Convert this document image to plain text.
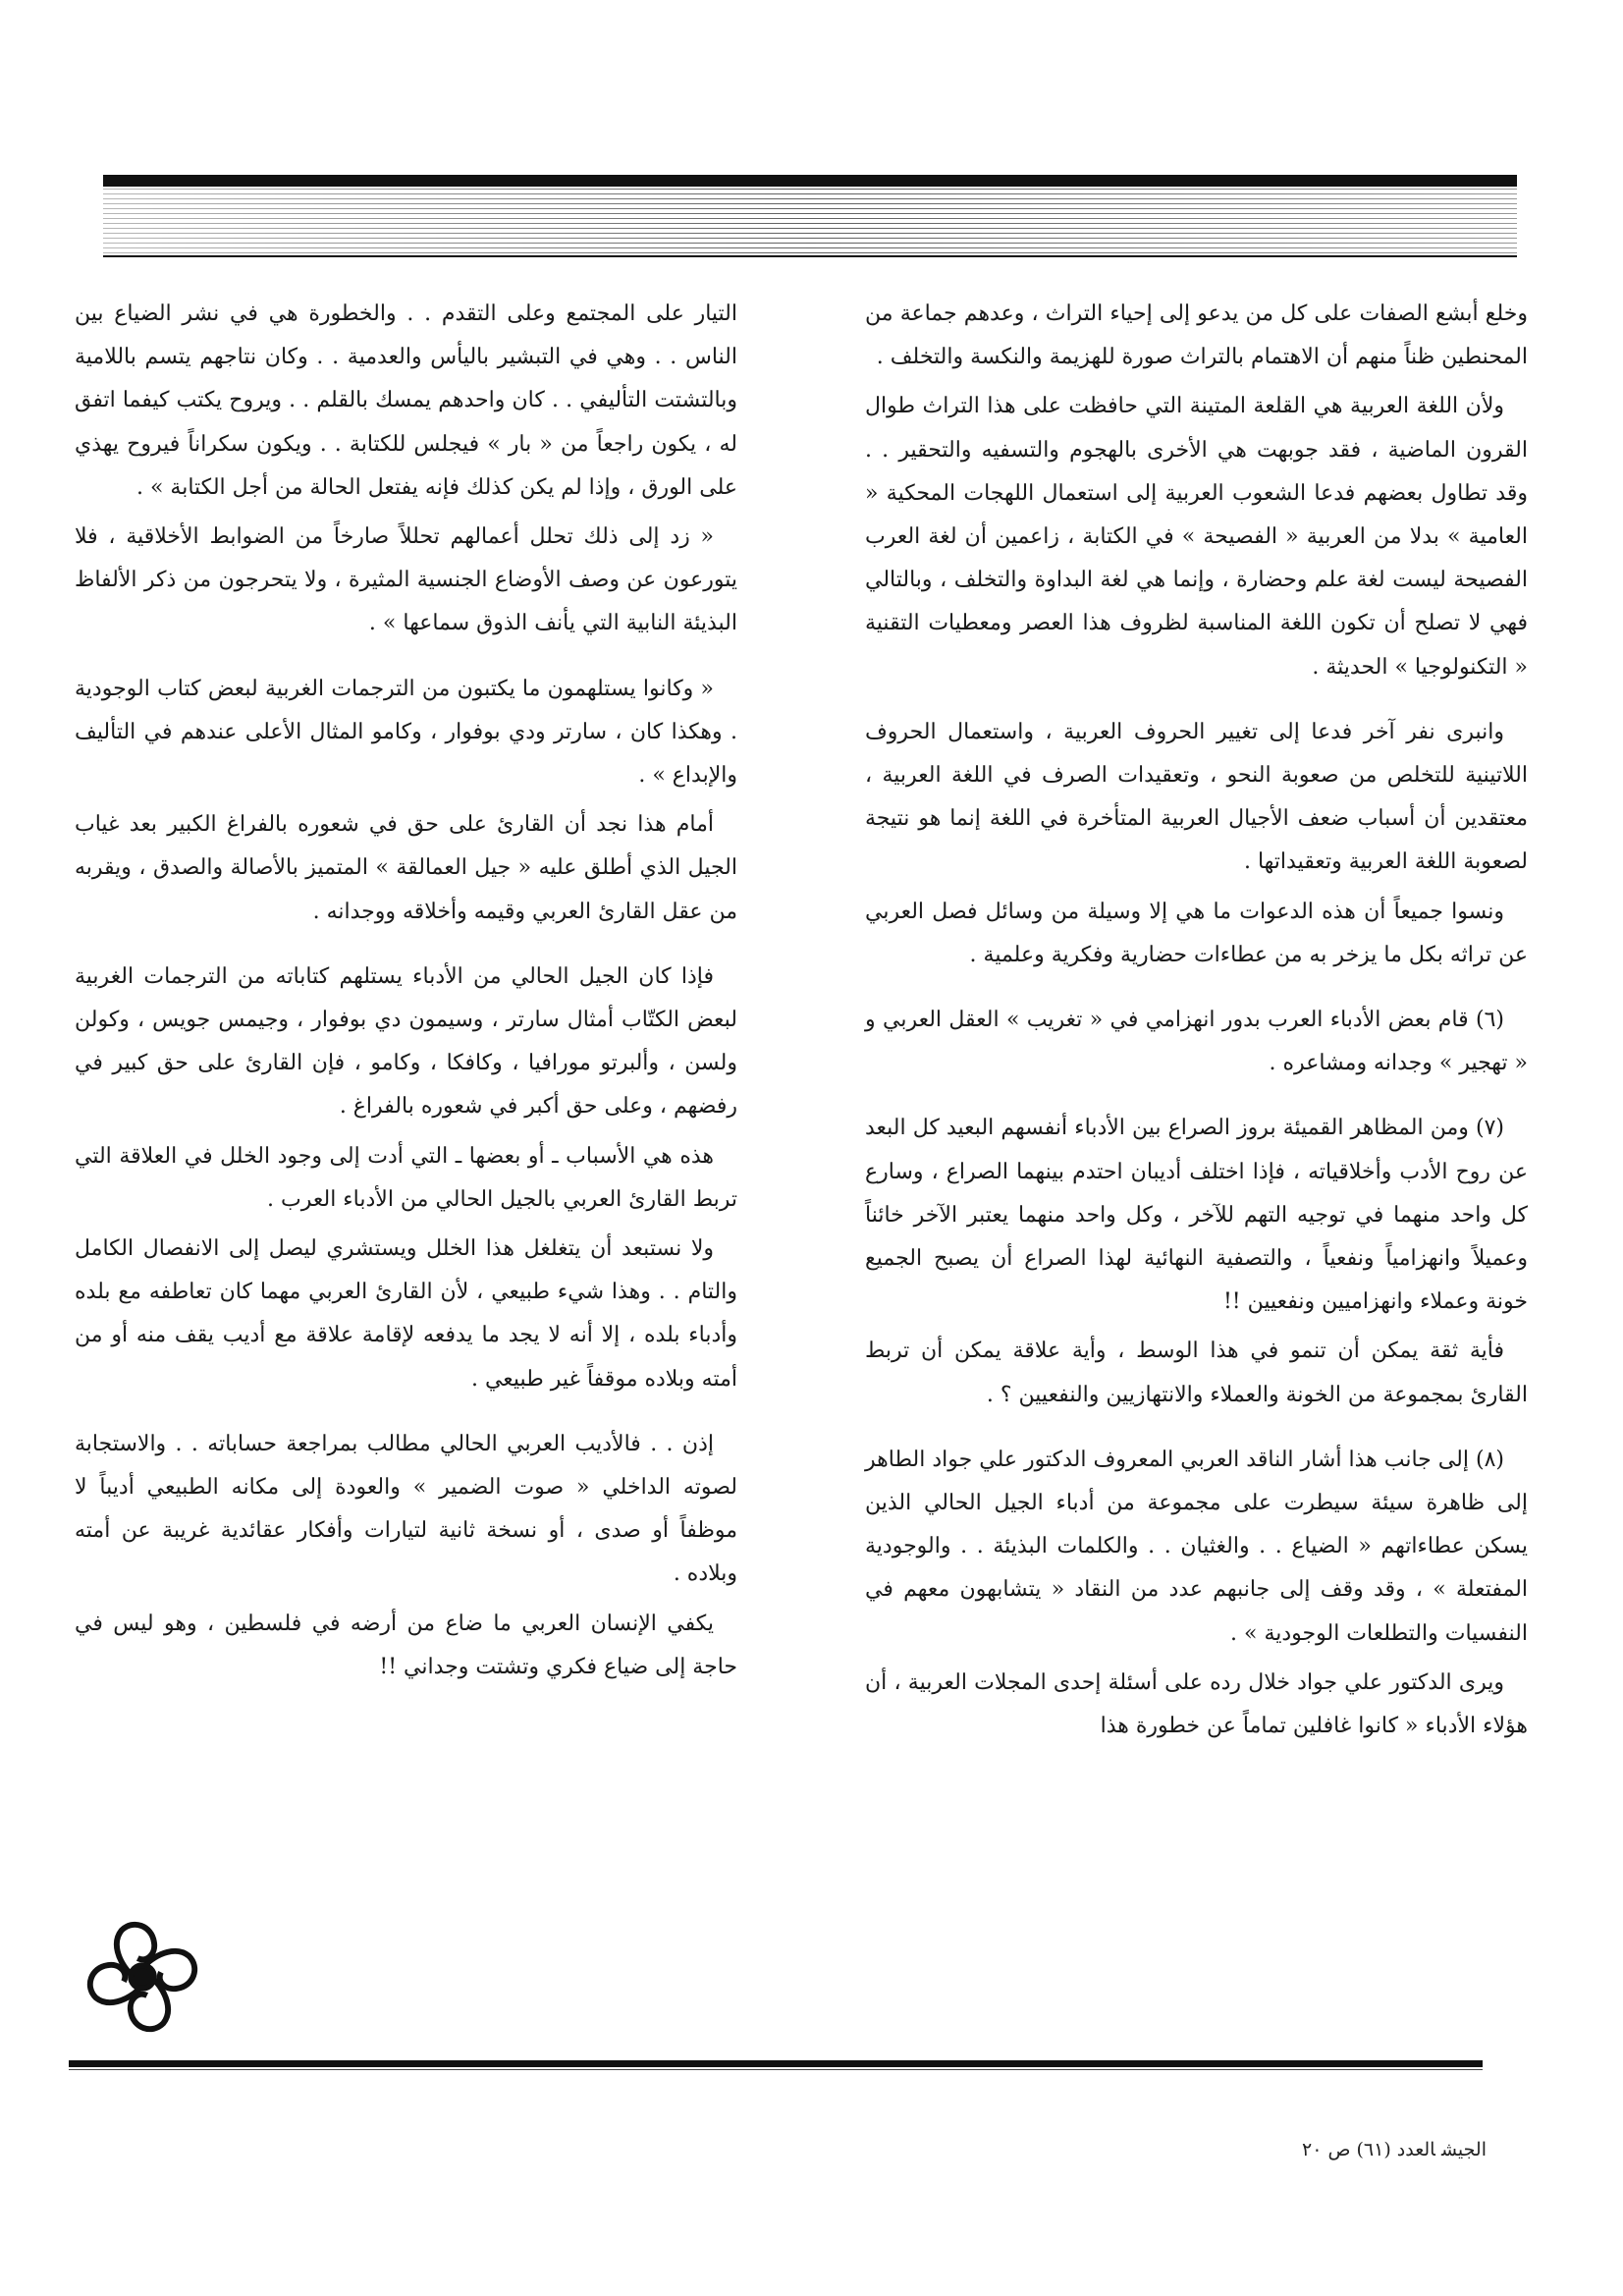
وخلع أبشع الصفات على كل من يدعو إلى إحياء التراث ، وعدهم جماعة من المحنطين ظناً منهم أن الاهتمام بالتراث صورة للهزيمة والنكسة والتخلف .

ولأن اللغة العربية هي القلعة المتينة التي حافظت على هذا التراث طوال القرون الماضية ، فقد جوبهت هي الأخرى بالهجوم والتسفيه والتحقير . . وقد تطاول بعضهم فدعا الشعوب العربية إلى استعمال اللهجات المحكية « العامية » بدلا من العربية « الفصيحة » في الكتابة ، زاعمين أن لغة العرب الفصيحة ليست لغة علم وحضارة ، وإنما هي لغة البداوة والتخلف ، وبالتالي فهي لا تصلح أن تكون اللغة المناسبة لظروف هذا العصر ومعطيات التقنية « التكنولوجيا » الحديثة .

وانبرى نفر آخر فدعا إلى تغيير الحروف العربية ، واستعمال الحروف اللاتينية للتخلص من صعوبة النحو ، وتعقيدات الصرف في اللغة العربية ، معتقدين أن أسباب ضعف الأجيال العربية المتأخرة في اللغة إنما هو نتيجة لصعوبة اللغة العربية وتعقيداتها .

ونسوا جميعاً أن هذه الدعوات ما هي إلا وسيلة من وسائل فصل العربي عن تراثه بكل ما يزخر به من عطاءات حضارية وفكرية وعلمية .

(٦) قام بعض الأدباء العرب بدور انهزامي في « تغريب » العقل العربي و « تهجير » وجدانه ومشاعره .

(٧) ومن المظاهر القميئة بروز الصراع بين الأدباء أنفسهم البعيد كل البعد عن روح الأدب وأخلاقياته ، فإذا اختلف أديبان احتدم بينهما الصراع ، وسارع كل واحد منهما في توجيه التهم للآخر ، وكل واحد منهما يعتبر الآخر خائناً وعميلاً وانهزامياً ونفعياً ، والتصفية النهائية لهذا الصراع أن يصبح الجميع خونة وعملاء وانهزاميين ونفعيين !!

فأية ثقة يمكن أن تنمو في هذا الوسط ، وأية علاقة يمكن أن تربط القارئ بمجموعة من الخونة والعملاء والانتهازيين والنفعيين ؟ .

(٨) إلى جانب هذا أشار الناقد العربي المعروف الدكتور علي جواد الطاهر إلى ظاهرة سيئة سيطرت على مجموعة من أدباء الجيل الحالي الذين يسكن عطاءاتهم « الضياع . . والغثيان . . والكلمات البذيئة . . والوجودية المفتعلة » ، وقد وقف إلى جانبهم عدد من النقاد « يتشابهون معهم في النفسيات والتطلعات الوجودية » .

ويرى الدكتور علي جواد خلال رده على أسئلة إحدى المجلات العربية ، أن هؤلاء الأدباء « كانوا غافلين تماماً عن خطورة هذا

التيار على المجتمع وعلى التقدم . . والخطورة هي في نشر الضياع بين الناس . . وهي في التبشير باليأس والعدمية . . وكان نتاجهم يتسم باللامية وبالتشتت التأليفي . . كان واحدهم يمسك بالقلم . . ويروح يكتب كيفما اتفق له ، يكون راجعاً من « بار » فيجلس للكتابة . . ويكون سكراناً فيروح يهذي على الورق ، وإذا لم يكن كذلك فإنه يفتعل الحالة من أجل الكتابة » .

« زد إلى ذلك تحلل أعمالهم تحللاً صارخاً من الضوابط الأخلاقية ، فلا يتورعون عن وصف الأوضاع الجنسية المثيرة ، ولا يتحرجون من ذكر الألفاظ البذيئة النابية التي يأنف الذوق سماعها » .

« وكانوا يستلهمون ما يكتبون من الترجمات الغربية لبعض كتاب الوجودية . وهكذا كان ، سارتر ودي بوفوار ، وكامو المثال الأعلى عندهم في التأليف والإبداع » .

أمام هذا نجد أن القارئ على حق في شعوره بالفراغ الكبير بعد غياب الجيل الذي أطلق عليه « جيل العمالقة » المتميز بالأصالة والصدق ، ويقربه من عقل القارئ العربي وقيمه وأخلاقه ووجدانه .

فإذا كان الجيل الحالي من الأدباء يستلهم كتاباته من الترجمات الغربية لبعض الكتّاب أمثال سارتر ، وسيمون دي بوفوار ، وجيمس جويس ، وكولن ولسن ، وألبرتو مورافيا ، وكافكا ، وكامو ، فإن القارئ على حق كبير في رفضهم ، وعلى حق أكبر في شعوره بالفراغ .

هذه هي الأسباب ـ أو بعضها ـ التي أدت إلى وجود الخلل في العلاقة التي تربط القارئ العربي بالجيل الحالي من الأدباء العرب .

ولا نستبعد أن يتغلغل هذا الخلل ويستشري ليصل إلى الانفصال الكامل والتام . . وهذا شيء طبيعي ، لأن القارئ العربي مهما كان تعاطفه مع بلده وأدباء بلده ، إلا أنه لا يجد ما يدفعه لإقامة علاقة مع أديب يقف منه أو من أمته وبلاده موقفاً غير طبيعي .

إذن . . فالأديب العربي الحالي مطالب بمراجعة حساباته . . والاستجابة لصوته الداخلي « صوت الضمير » والعودة إلى مكانه الطبيعي أديباً لا موظفاً أو صدى ، أو نسخة ثانية لتيارات وأفكار عقائدية غريبة عن أمته وبلاده .

يكفي الإنسان العربي ما ضاع من أرضه في فلسطين ، وهو ليس في حاجة إلى ضياع فكري وتشتت وجداني !!

الجيشالعدد (٦١) ص ٢٠
